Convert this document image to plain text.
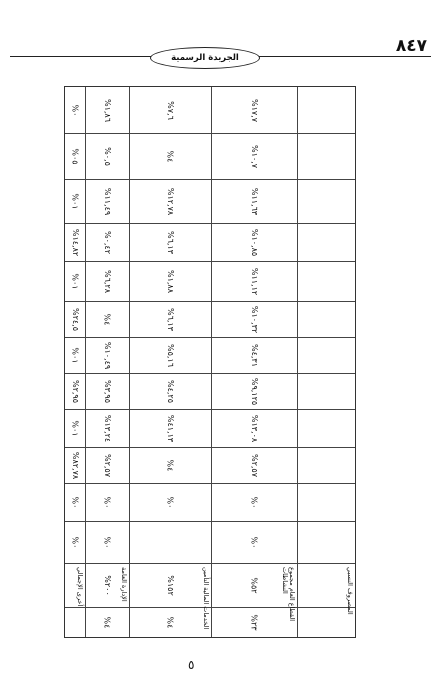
٨٤٧
الجريدة الرسمية
%٠
%٠٥
%٠١
%١٤,٨٢
%٠١
%٢٤,٥
%٠١
%٢,٩٥
%٠١
%٨٢,٧٨
%٠
%٠
أخرى الإجمالي
%١,٨٦
%٠,٥
%١١,٤٩
%٠,٤٢
%٦,٢٨
%٤
%١٠,٤٩
%٣,٩٥
%١٣,٢٤
%٢,٥٧
%٠
%٠
%٢٠٠
%٤
الإدارة العامة
%٧,٦
%٤
%١٢,٧٨
%٦,١٣
%١,٨٨
%٦,١٣
%٥,١٦
%٤,٢٥
%٤١,١٣
%٤
%٠
%١٥٢
%٤	الخدمات المالية التأمين
%١٧,٧
%١٠,٧
%١١,٦٣
%١٠,٨٥
%١١,١٢
%١٠,٣٢
%٤,٣١
%٩,١٢٥
%١٣,٠٨
%٢,٥٧
%٠
%٠
%٥٢
%٢٣
القطاع العام مجموع النشاطات	المصروف النسبي
٥
